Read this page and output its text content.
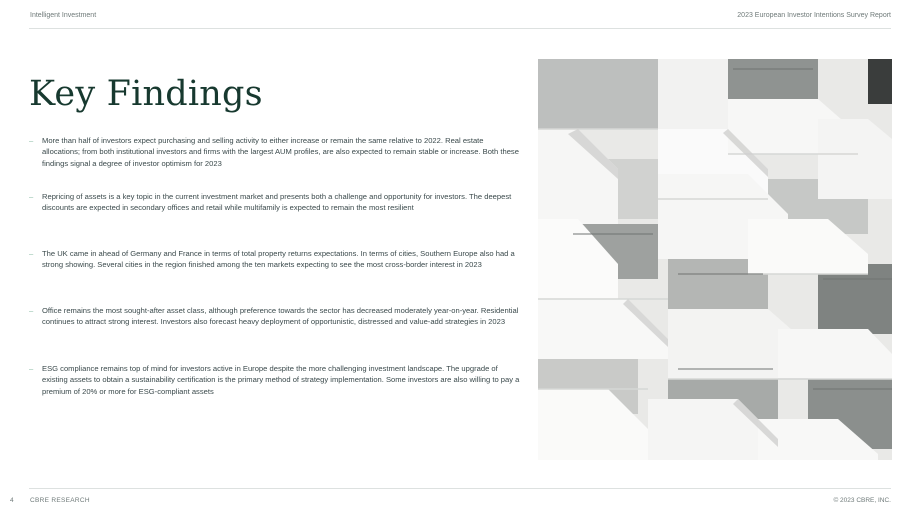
Intelligent Investment	2023 European Investor Intentions Survey Report
Key Findings
– More than half of investors expect purchasing and selling activity to either increase or remain the same relative to 2022. Real estate allocations; from both institutional investors and firms with the largest AUM profiles, are also expected to remain stable or increase. Both these findings signal a degree of investor optimism for 2023
– Repricing of assets is a key topic in the current investment market and presents both a challenge and opportunity for investors. The deepest discounts are expected in secondary offices and retail while multifamily is expected to remain the most resilient
– The UK came in ahead of Germany and France in terms of total property returns expectations. In terms of cities, Southern Europe also had a strong showing. Several cities in the region finished among the ten markets expecting to see the most cross-border interest in 2023
– Office remains the most sought-after asset class, although preference towards the sector has decreased moderately year-on-year. Residential continues to attract strong interest. Investors also forecast heavy deployment of opportunistic, distressed and value-add strategies in 2023
– ESG compliance remains top of mind for investors active in Europe despite the more challenging investment landscape. The upgrade of existing assets to obtain a sustainability certification is the primary method of strategy implementation. Some investors are also willing to pay a premium of 20% or more for ESG-compliant assets
4	CBRE RESEARCH	© 2023 CBRE, INC.
